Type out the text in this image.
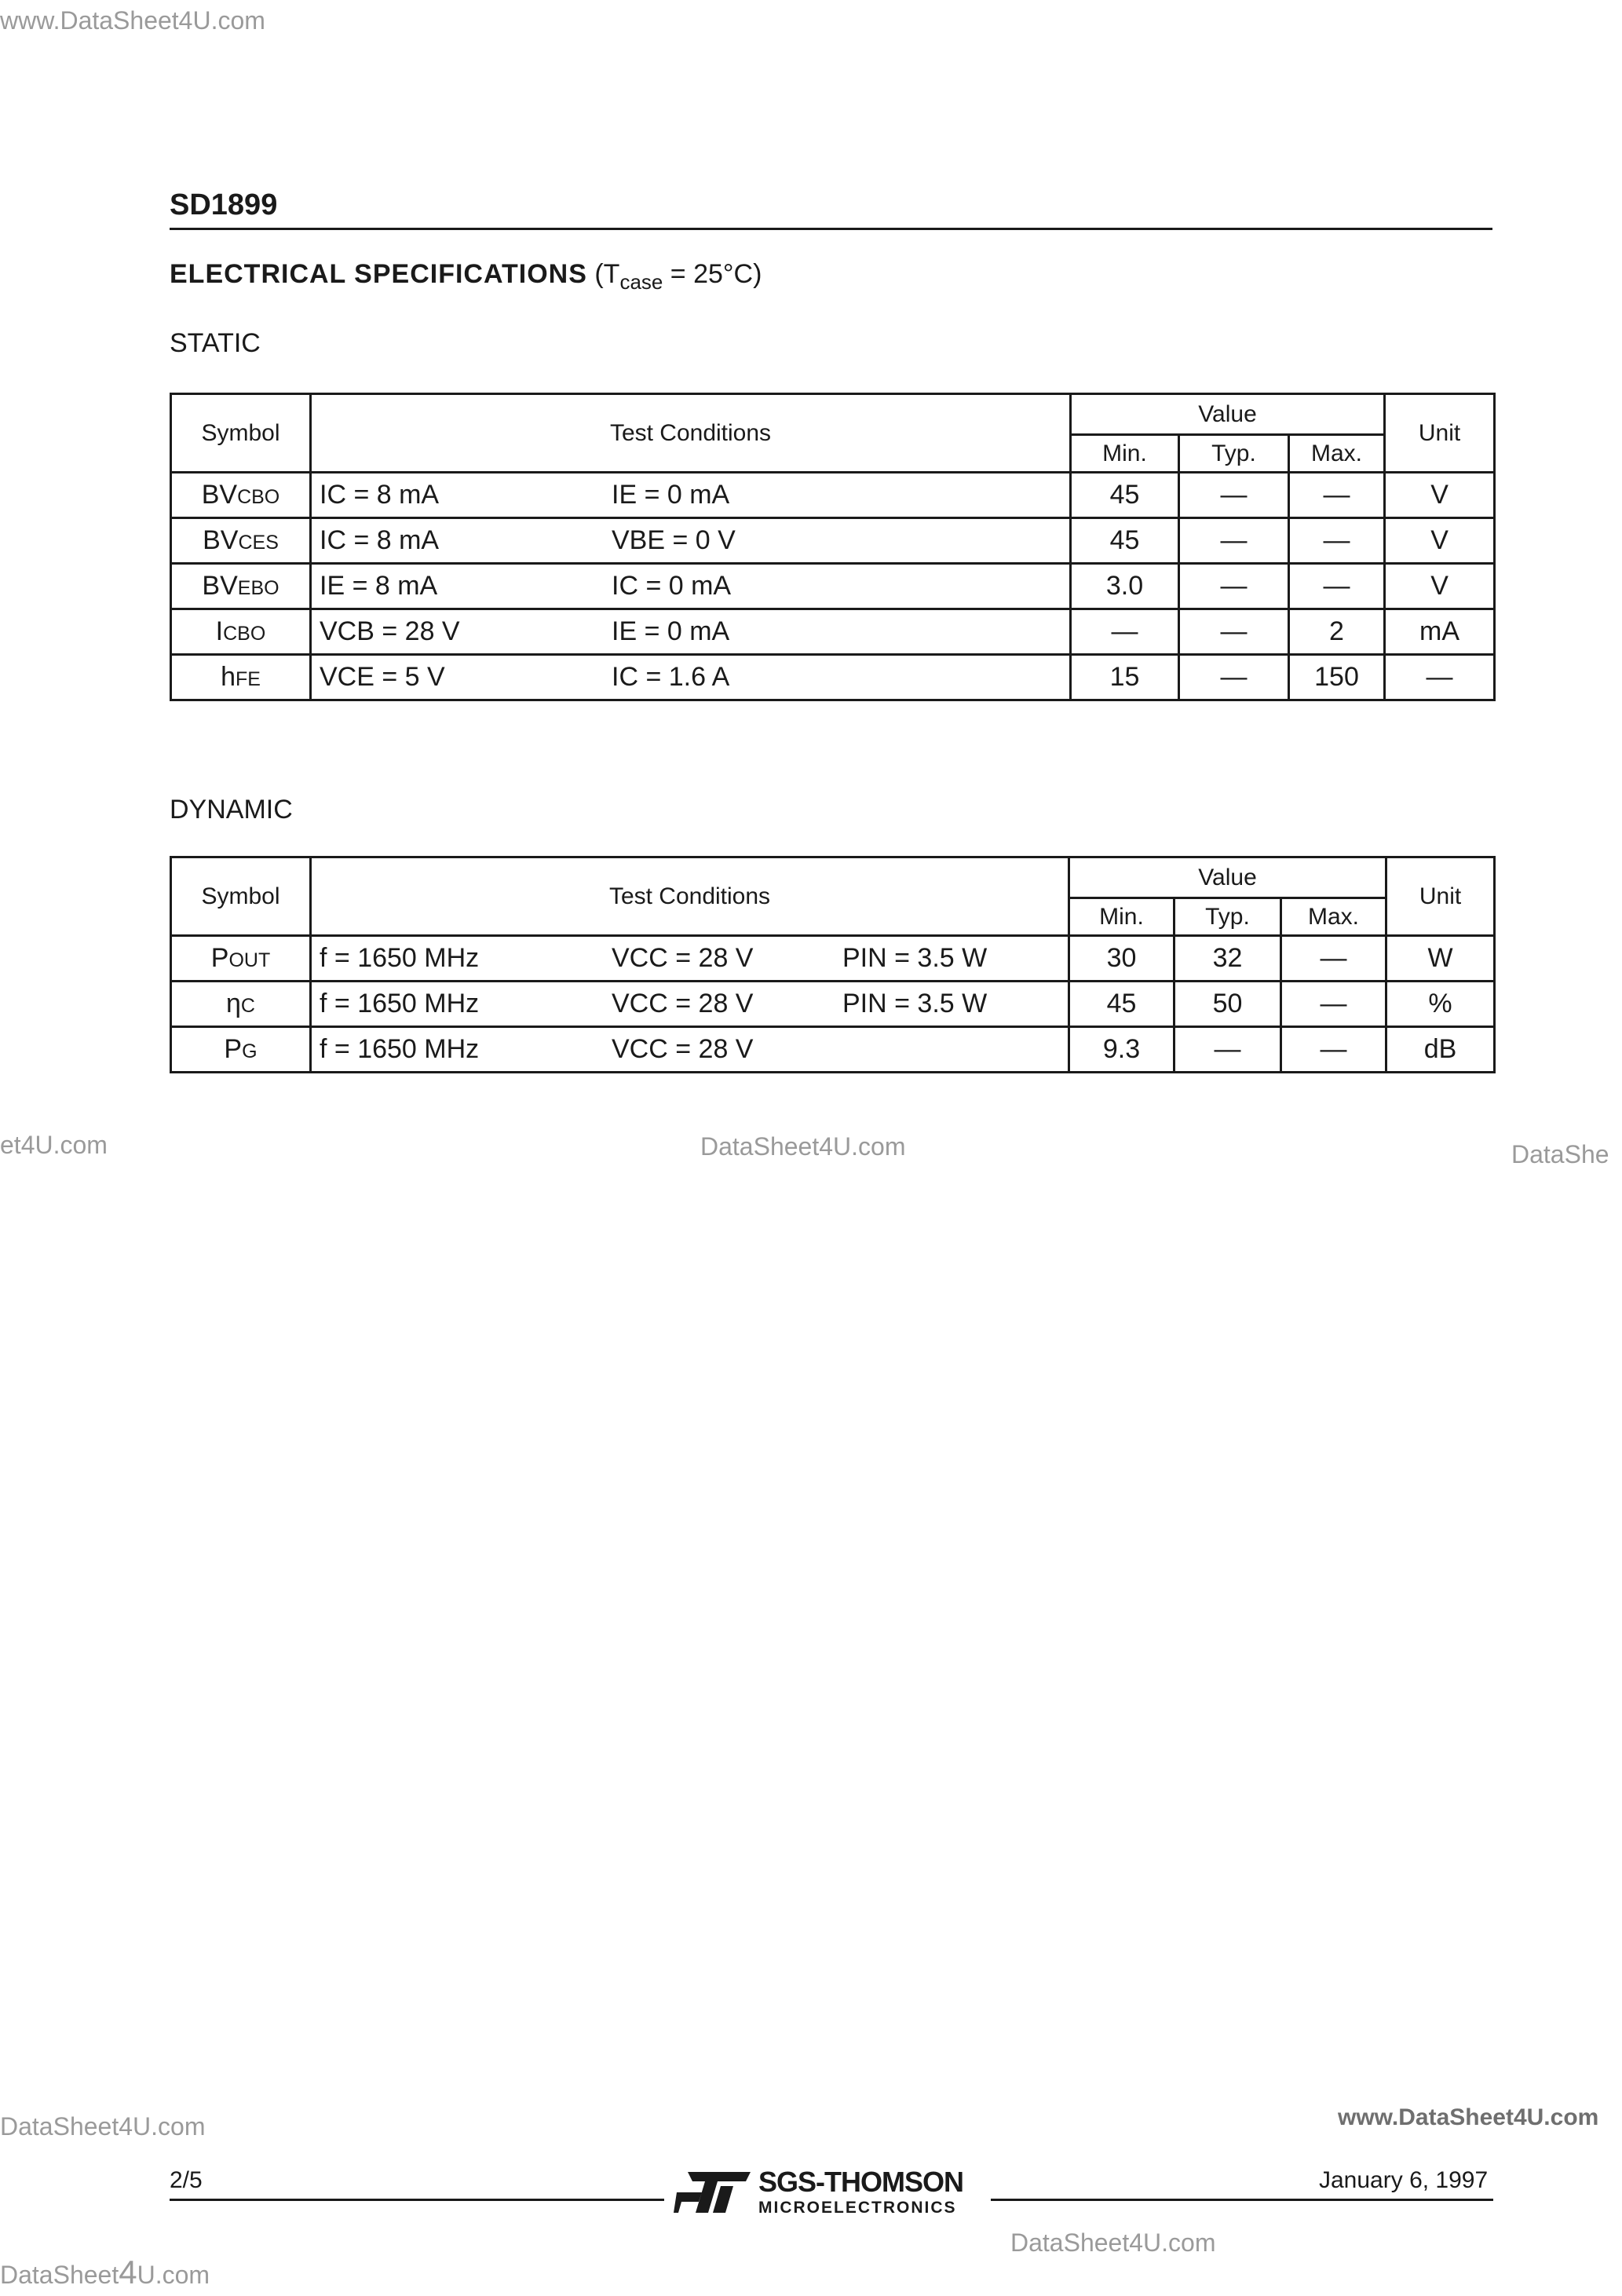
www.DataSheet4U.com
et4U.com	DataSheet4U.com	DataShe
DataSheet4U.com	www.DataSheet4U.com
DataSheet4U.com
DataSheet4U.com
SD1899
ELECTRICAL SPECIFICATIONS $(T_{case} = 25^\circ C)$
STATIC
Symbol	Test Conditions	Value			Unit
		Min.	Typ.	Max.	
BVCBO	IC = 8 mA IE = 0 mA	45	—	—	V
BVCES	IC = 8 mA VBE = 0 V	45	—	—	V
BVEBO	IE = 8 mA IC = 0 mA	3.0	—	—	V
ICBO	VCB = 28 V IE = 0 mA	—	—	2	mA
hFE	VCE = 5 V IC = 1.6 A	15	—	150	—
DYNAMIC
Symbol	Test Conditions	Value			Unit
		Min.	Typ.	Max.	
POUT	f = 1650 MHz VCC = 28 V PIN = 3.5 W	30	32	—	W
ηC	f = 1650 MHz VCC = 28 V PIN = 3.5 W	45	50	—	%
PG	f = 1650 MHz VCC = 28 V	9.3	—	—	dB
2/5	January 6, 1997
SGS-THOMSON
MICROELECTRONICS
